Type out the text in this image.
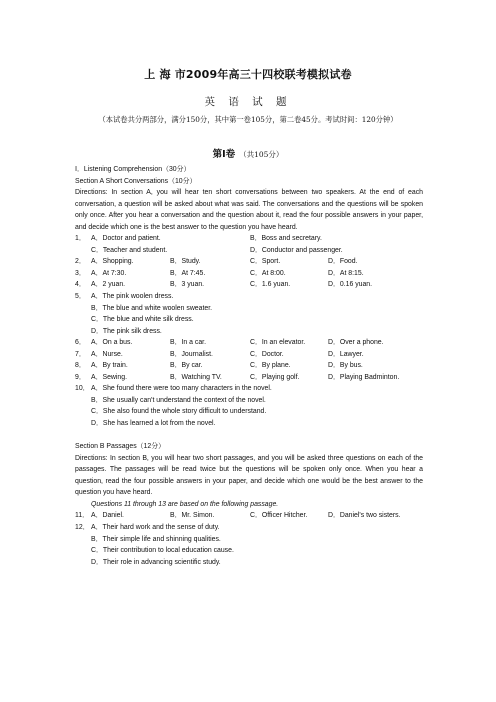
上 海 市2009年高三十四校联考模拟试卷
英 语 试 题
（本试卷共分两部分，满分150分，其中第一卷105分，第二卷45分。考试时间：120分钟）
第Ⅰ卷 （共105分）
Ⅰ．Listening Comprehension（30分）
Section A Short Conversations（10分）
Directions: In section A, you will hear ten short conversations between two speakers. At the end of each conversation, a question will be asked about what was said. The conversations and the questions will be spoken only once. After you hear a conversation and the question about it, read the four possible answers in your paper, and decide which one is the best answer to the question you have heard.
1． A．Doctor and patient.	B．Boss and secretary.
C．Teacher and student.	D．Conductor and passenger.
2． A．Shopping.	B．Study.	C．Sport.	D．Food.
3． A．At 7:30.	B．At 7:45.	C．At 8:00.	D．At 8:15.
4． A．2 yuan.	B．3 yuan.	C．1.6 yuan.	D．0.16 yuan.
5． A．The pink woolen dress.
B．The blue and white woolen sweater.
C．The blue and white silk dress.
D．The pink silk dress.
6． A．On a bus.	B．In a car.	C．In an elevator.	D．Over a phone.
7． A．Nurse.	B．Journalist.	C．Doctor.	D．Lawyer.
8． A．By train.	B．By car.	C．By plane.	D．By bus.
9． A．Sewing.	B．Watching TV.	C．Playing golf.	D．Playing Badminton.
10． A．She found there were too many characters in the novel.
B．She usually can't understand the context of the novel.
C．She also found the whole story difficult to understand.
D．She has learned a lot from the novel.
Section B Passages（12分）
Directions: In section B, you will hear two short passages, and you will be asked three questions on each of the passages. The passages will be read twice but the questions will be spoken only once. When you hear a question, read the four possible answers in your paper, and decide which one would be the best answer to the question you have heard.
Questions 11 through 13 are based on the following passage.
11． A．Daniel.	B．Mr. Simon.	C．Officer Hitcher.	D．Daniel's two sisters.
12． A．Their hard work and the sense of duty.
B．Their simple life and shinning qualities.
C．Their contribution to local education cause.
D．Their role in advancing scientific study.
